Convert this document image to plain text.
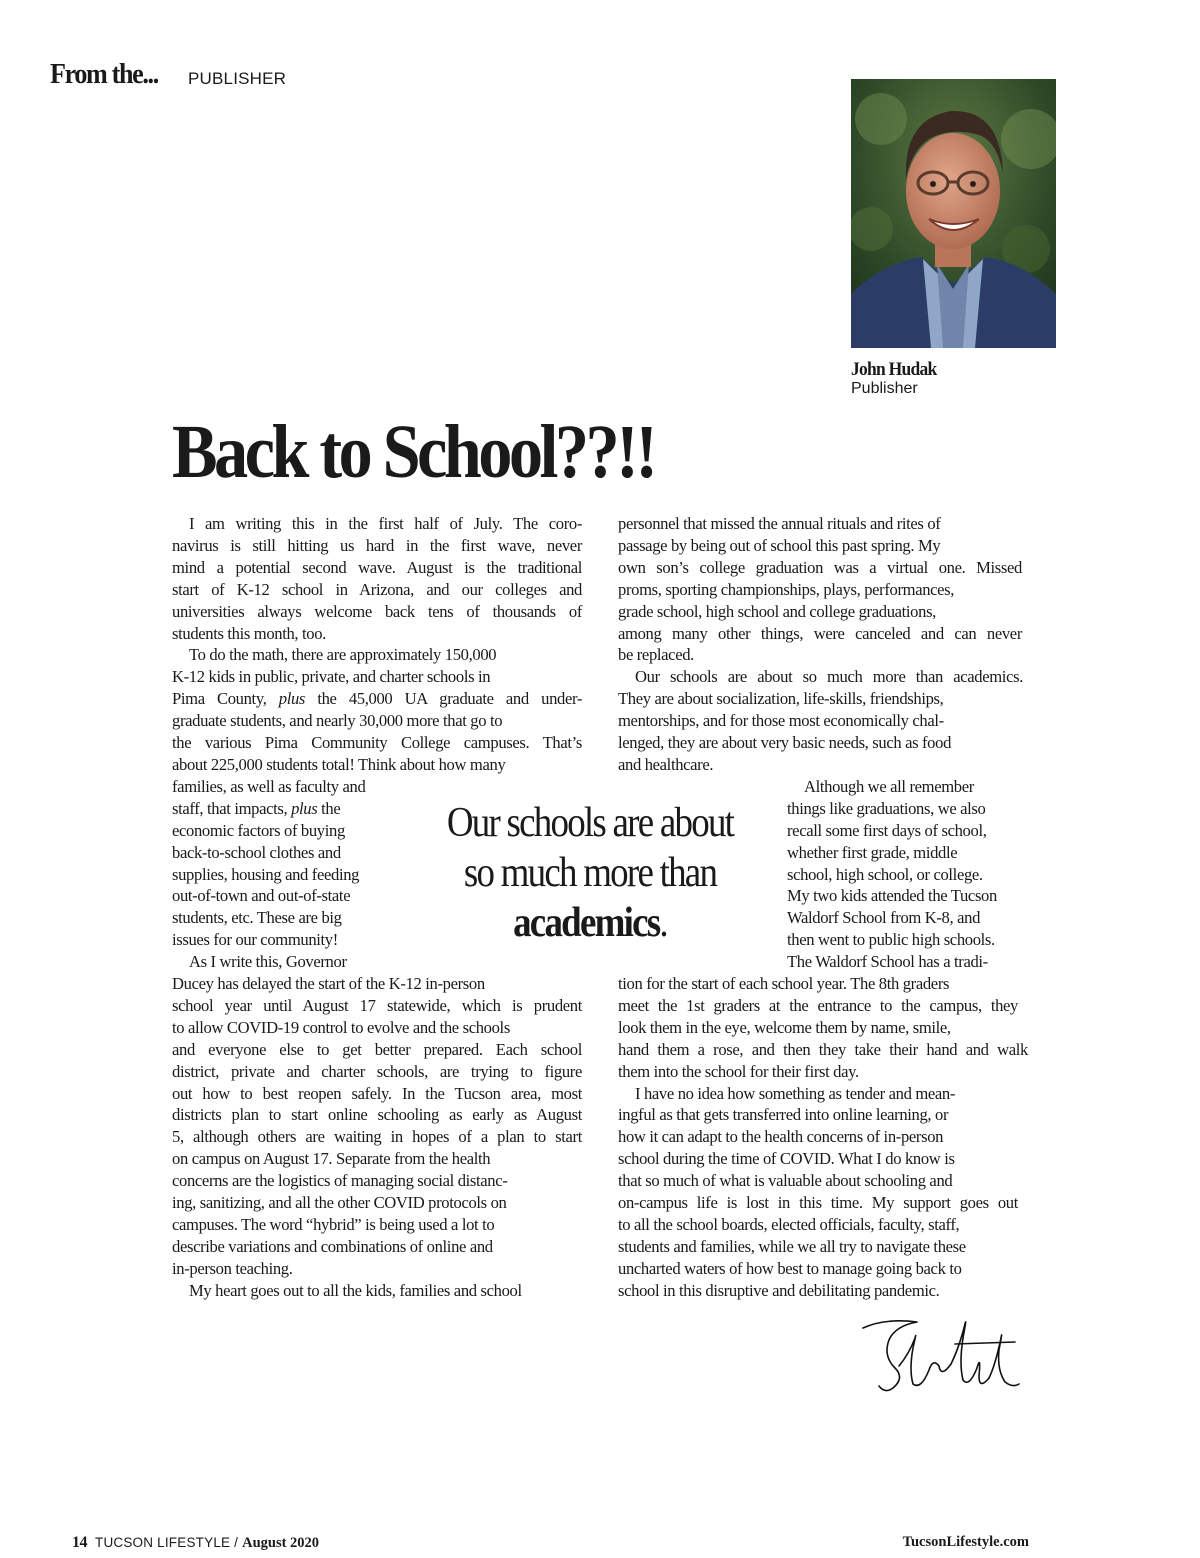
From the... PUBLISHER
John Hudak
Publisher
Back to School??!!
I am writing this in the first half of July. The coro-
navirus is still hitting us hard in the first wave, never
mind a potential second wave. August is the traditional
start of K-12 school in Arizona, and our colleges and
universities always welcome back tens of thousands of
students this month, too.
To do the math, there are approximately 150,000
K-12 kids in public, private, and charter schools in
Pima County, plus the 45,000 UA graduate and under-
graduate students, and nearly 30,000 more that go to
the various Pima Community College campuses. That’s
about 225,000 students total! Think about how many
families, as well as faculty and
staff, that impacts, plus the
economic factors of buying
back-to-school clothes and
supplies, housing and feeding
out-of-town and out-of-state
students, etc. These are big
issues for our community!
As I write this, Governor
Ducey has delayed the start of the K-12 in-person
school year until August 17 statewide, which is prudent
to allow COVID-19 control to evolve and the schools
and everyone else to get better prepared. Each school
district, private and charter schools, are trying to figure
out how to best reopen safely. In the Tucson area, most
districts plan to start online schooling as early as August
5, although others are waiting in hopes of a plan to start
on campus on August 17. Separate from the health
concerns are the logistics of managing social distanc-
ing, sanitizing, and all the other COVID protocols on
campuses. The word “hybrid” is being used a lot to
describe variations and combinations of online and
in-person teaching.
My heart goes out to all the kids, families and school
Our schools are about
so much more than
academics.
personnel that missed the annual rituals and rites of
passage by being out of school this past spring. My
own son’s college graduation was a virtual one. Missed
proms, sporting championships, plays, performances,
grade school, high school and college graduations,
among many other things, were canceled and can never
be replaced.
Our schools are about so much more than academics.
They are about socialization, life-skills, friendships,
mentorships, and for those most economically chal-
lenged, they are about very basic needs, such as food
and healthcare.
Although we all remember
things like graduations, we also
recall some first days of school,
whether first grade, middle
school, high school, or college.
My two kids attended the Tucson
Waldorf School from K-8, and
then went to public high schools.
The Waldorf School has a tradi-
tion for the start of each school year. The 8th graders
meet the 1st graders at the entrance to the campus, they
look them in the eye, welcome them by name, smile,
hand them a rose, and then they take their hand and walk
them into the school for their first day.
I have no idea how something as tender and mean-
ingful as that gets transferred into online learning, or
how it can adapt to the health concerns of in-person
school during the time of COVID. What I do know is
that so much of what is valuable about schooling and
on-campus life is lost in this time. My support goes out
to all the school boards, elected officials, faculty, staff,
students and families, while we all try to navigate these
uncharted waters of how best to manage going back to
school in this disruptive and debilitating pandemic.
14 TUCSON LIFESTYLE / August 2020	TucsonLifestyle.com
